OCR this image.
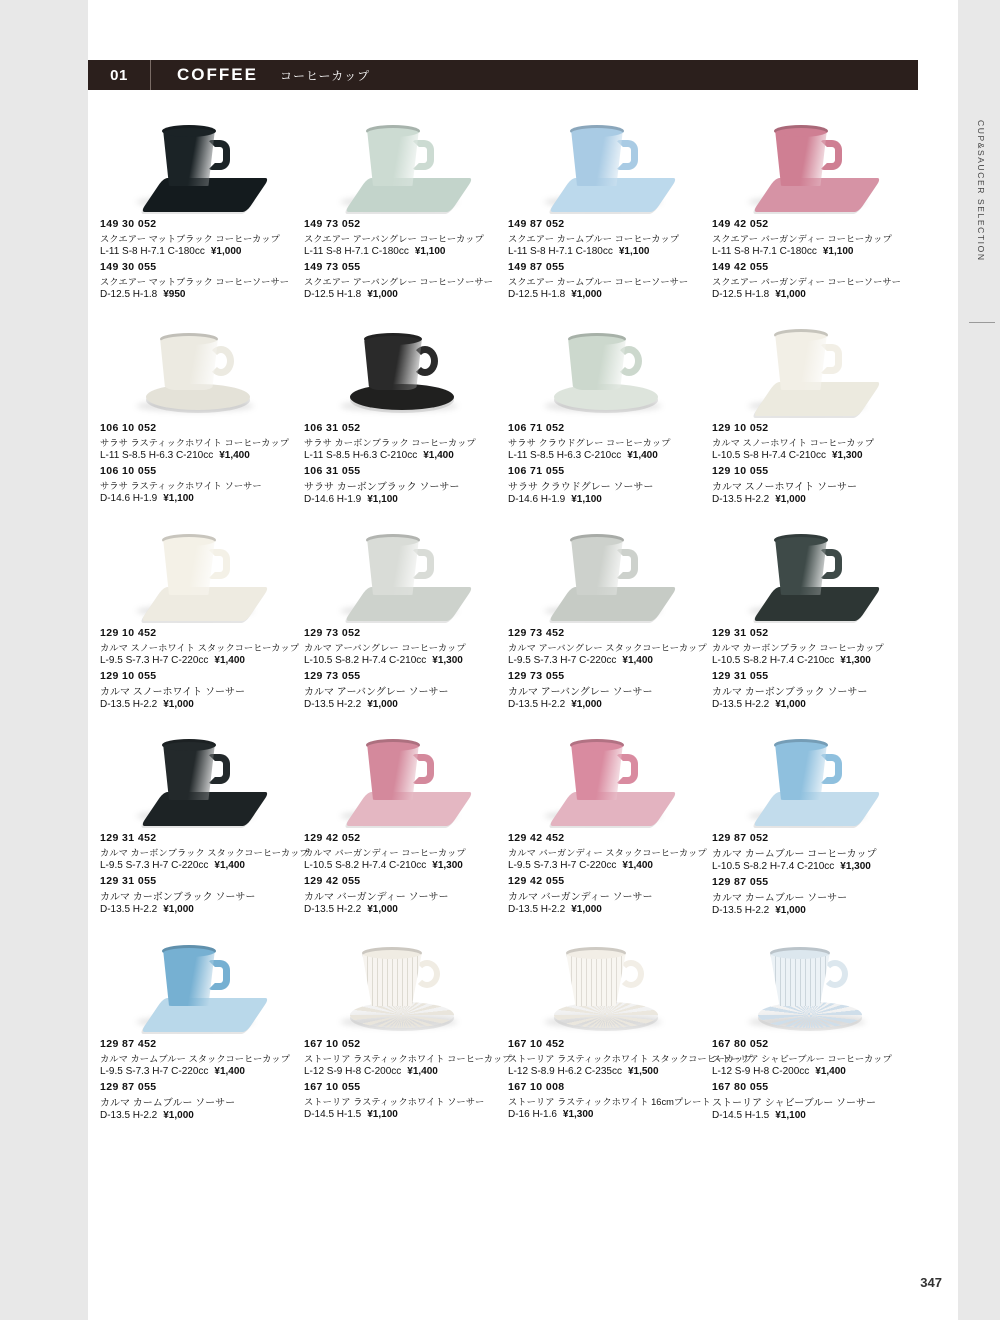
CUP&SAUCER SELECTION
01	COFFEE コーヒーカップ
149 30 052
スクエアー マットブラック コーヒーカップ
L-11 S-8 H-7.1 C-180cc ¥1,000
149 30 055
スクエアー マットブラック コーヒーソーサー
D-12.5 H-1.8 ¥950
149 73 052
スクエアー アーバングレー コーヒーカップ
L-11 S-8 H-7.1 C-180cc ¥1,100
149 73 055
スクエアー アーバングレー コーヒーソーサー
D-12.5 H-1.8 ¥1,000
149 87 052
スクエアー カームブルー コーヒーカップ
L-11 S-8 H-7.1 C-180cc ¥1,100
149 87 055
スクエアー カームブルー コーヒーソーサー
D-12.5 H-1.8 ¥1,000
149 42 052
スクエアー バーガンディー コーヒーカップ
L-11 S-8 H-7.1 C-180cc ¥1,100
149 42 055
スクエアー バーガンディー コーヒーソーサー
D-12.5 H-1.8 ¥1,000
106 10 052
サラサ ラスティックホワイト コーヒーカップ
L-11 S-8.5 H-6.3 C-210cc ¥1,400
106 10 055
サラサ ラスティックホワイト ソーサー
D-14.6 H-1.9 ¥1,100
106 31 052
サラサ カーボンブラック コーヒーカップ
L-11 S-8.5 H-6.3 C-210cc ¥1,400
106 31 055
サラサ カーボンブラック ソーサー
D-14.6 H-1.9 ¥1,100
106 71 052
サラサ クラウドグレー コーヒーカップ
L-11 S-8.5 H-6.3 C-210cc ¥1,400
106 71 055
サラサ クラウドグレー ソーサー
D-14.6 H-1.9 ¥1,100
129 10 052
カルマ スノーホワイト コーヒーカップ
L-10.5 S-8 H-7.4 C-210cc ¥1,300
129 10 055
カルマ スノーホワイト ソーサー
D-13.5 H-2.2 ¥1,000
129 10 452
カルマ スノーホワイト スタックコーヒーカップ
L-9.5 S-7.3 H-7 C-220cc ¥1,400
129 10 055
カルマ スノーホワイト ソーサー
D-13.5 H-2.2 ¥1,000
129 73 052
カルマ アーバングレー コーヒーカップ
L-10.5 S-8.2 H-7.4 C-210cc ¥1,300
129 73 055
カルマ アーバングレー ソーサー
D-13.5 H-2.2 ¥1,000
129 73 452
カルマ アーバングレー スタックコーヒーカップ
L-9.5 S-7.3 H-7 C-220cc ¥1,400
129 73 055
カルマ アーバングレー ソーサー
D-13.5 H-2.2 ¥1,000
129 31 052
カルマ カーボンブラック コーヒーカップ
L-10.5 S-8.2 H-7.4 C-210cc ¥1,300
129 31 055
カルマ カーボンブラック ソーサー
D-13.5 H-2.2 ¥1,000
129 31 452
カルマ カーボンブラック スタックコーヒーカップ
L-9.5 S-7.3 H-7 C-220cc ¥1,400
129 31 055
カルマ カーボンブラック ソーサー
D-13.5 H-2.2 ¥1,000
129 42 052
カルマ バーガンディー コーヒーカップ
L-10.5 S-8.2 H-7.4 C-210cc ¥1,300
129 42 055
カルマ バーガンディー ソーサー
D-13.5 H-2.2 ¥1,000
129 42 452
カルマ バーガンディー スタックコーヒーカップ
L-9.5 S-7.3 H-7 C-220cc ¥1,400
129 42 055
カルマ バーガンディー ソーサー
D-13.5 H-2.2 ¥1,000
129 87 052
カルマ カームブルー コーヒーカップ
L-10.5 S-8.2 H-7.4 C-210cc ¥1,300
129 87 055
カルマ カームブルー ソーサー
D-13.5 H-2.2 ¥1,000
129 87 452
カルマ カームブルー スタックコーヒーカップ
L-9.5 S-7.3 H-7 C-220cc ¥1,400
129 87 055
カルマ カームブルー ソーサー
D-13.5 H-2.2 ¥1,000
167 10 052
ストーリア ラスティックホワイト コーヒーカップ
L-12 S-9 H-8 C-200cc ¥1,400
167 10 055
ストーリア ラスティックホワイト ソーサー
D-14.5 H-1.5 ¥1,100
167 10 452
ストーリア ラスティックホワイト スタックコーヒーカップ
L-12 S-8.9 H-6.2 C-235cc ¥1,500
167 10 008
ストーリア ラスティックホワイト 16cmプレート
D-16 H-1.6 ¥1,300
167 80 052
ストーリア シャビーブルー コーヒーカップ
L-12 S-9 H-8 C-200cc ¥1,400
167 80 055
ストーリア シャビーブルー ソーサー
D-14.5 H-1.5 ¥1,100
347
